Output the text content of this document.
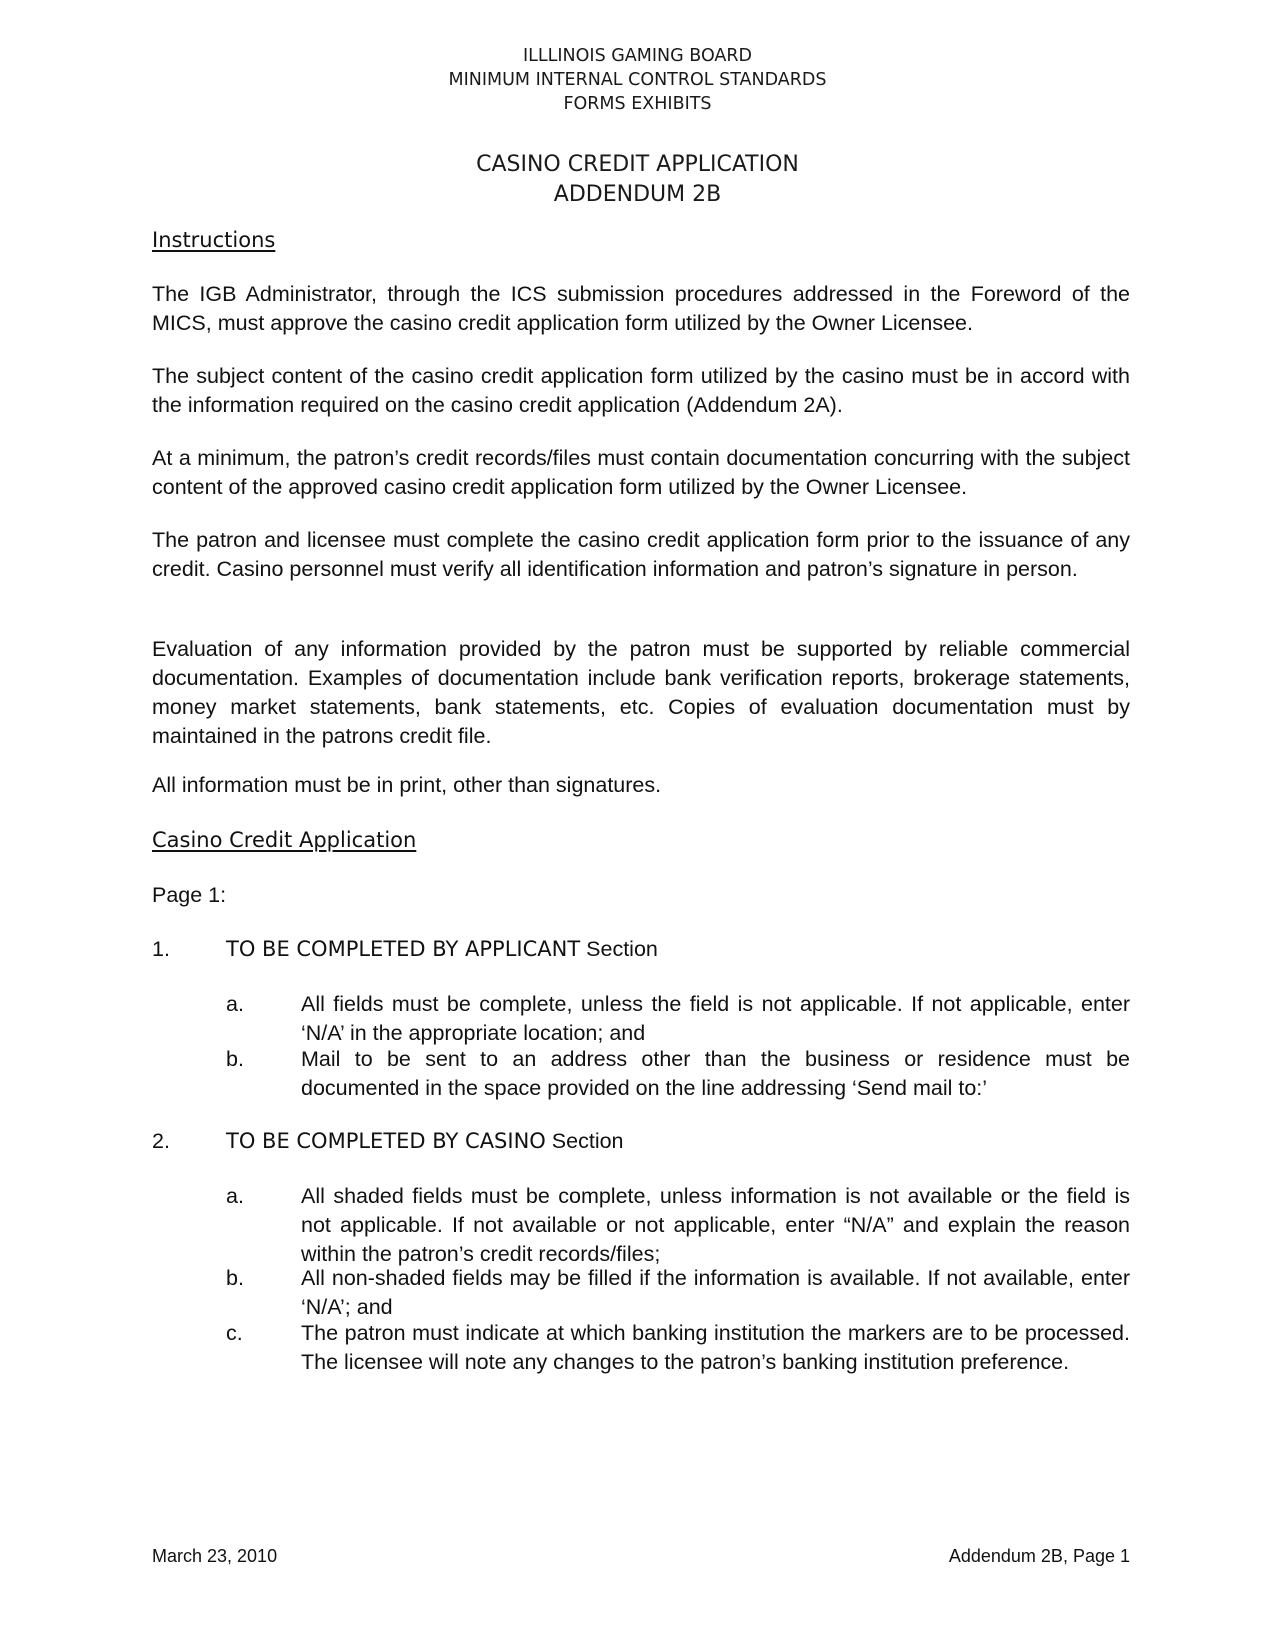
ILLLINOIS GAMING BOARD
MINIMUM INTERNAL CONTROL STANDARDS
FORMS EXHIBITS
CASINO CREDIT APPLICATION
ADDENDUM 2B
Instructions
The IGB Administrator, through the ICS submission procedures addressed in the Foreword of the MICS, must approve the casino credit application form utilized by the Owner Licensee.
The subject content of the casino credit application form utilized by the casino must be in accord with the information required on the casino credit application (Addendum 2A).
At a minimum, the patron’s credit records/files must contain documentation concurring with the subject content of the approved casino credit application form utilized by the Owner Licensee.
The patron and licensee must complete the casino credit application form prior to the issuance of any credit. Casino personnel must verify all identification information and patron’s signature in person.
Evaluation of any information provided by the patron must be supported by reliable commercial documentation. Examples of documentation include bank verification reports, brokerage statements, money market statements, bank statements, etc. Copies of evaluation documentation must by maintained in the patrons credit file.
All information must be in print, other than signatures.
Casino Credit Application
Page 1:
1.	TO BE COMPLETED BY APPLICANT Section
a.	All fields must be complete, unless the field is not applicable. If not applicable, enter ‘N/A’ in the appropriate location; and
b.	Mail to be sent to an address other than the business or residence must be documented in the space provided on the line addressing ‘Send mail to:’
2.	TO BE COMPLETED BY CASINO Section
a.	All shaded fields must be complete, unless information is not available or the field is not applicable. If not available or not applicable, enter “N/A” and explain the reason within the patron’s credit records/files;
b.	All non-shaded fields may be filled if the information is available. If not available, enter ‘N/A’; and
c.	The patron must indicate at which banking institution the markers are to be processed. The licensee will note any changes to the patron’s banking institution preference.
March 23, 2010	Addendum 2B, Page 1
